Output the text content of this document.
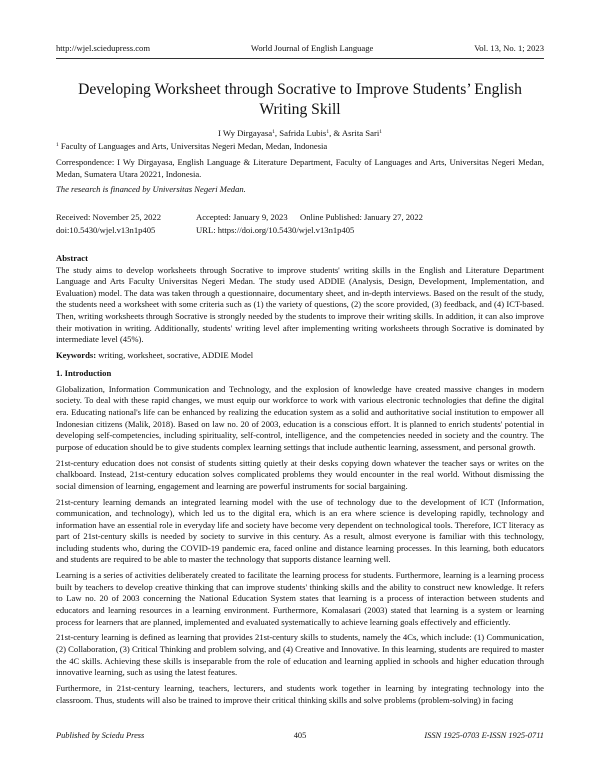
http://wjel.sciedupress.com	World Journal of English Language	Vol. 13, No. 1; 2023
Developing Worksheet through Socrative to Improve Students’ English Writing Skill
I Wy Dirgayasa$^1$, Safrida Lubis$^1$, & Asrita Sari$^1$
$^1$ Faculty of Languages and Arts, Universitas Negeri Medan, Medan, Indonesia
Correspondence: I Wy Dirgayasa, English Language & Literature Department, Faculty of Languages and Arts, Universitas Negeri Medan, Medan, Sumatera Utara 20221, Indonesia.
The research is financed by Universitas Negeri Medan.
Received: November 25, 2022	Accepted: January 9, 2023 Online Published: January 27, 2022
doi:10.5430/wjel.v13n1p405	URL: https://doi.org/10.5430/wjel.v13n1p405
Abstract
The study aims to develop worksheets through Socrative to improve students' writing skills in the English and Literature Department Language and Arts Faculty Universitas Negeri Medan. The study used ADDIE (Analysis, Design, Development, Implementation, and Evaluation) model. The data was taken through a questionnaire, documentary sheet, and in-depth interviews. Based on the result of the study, the students need a worksheet with some criteria such as (1) the variety of questions, (2) the score provided, (3) feedback, and (4) ICT-based. Then, writing worksheets through Socrative is strongly needed by the students to improve their writing skills. In addition, it can also improve their motivation in writing. Additionally, students' writing level after implementing writing worksheets through Socrative is dominated by intermediate level (45%).
Keywords: writing, worksheet, socrative, ADDIE Model
1. Introduction
Globalization, Information Communication and Technology, and the explosion of knowledge have created massive changes in modern society. To deal with these rapid changes, we must equip our workforce to work with various electronic technologies that define the digital era. Educating national's life can be enhanced by realizing the education system as a solid and authoritative social institution to empower all Indonesian citizens (Malik, 2018). Based on law no. 20 of 2003, education is a conscious effort. It is planned to enrich students' potential in developing self-competencies, including spirituality, self-control, intelligence, and the competencies needed in society and the country. The purpose of education should be to give students complex learning settings that include authentic learning, assessment, and personal growth.
21st-century education does not consist of students sitting quietly at their desks copying down whatever the teacher says or writes on the chalkboard. Instead, 21st-century education solves complicated problems they would encounter in the real world. Without dismissing the social dimension of learning, engagement and learning are powerful instruments for social bargaining.
21st-century learning demands an integrated learning model with the use of technology due to the development of ICT (Information, communication, and technology), which led us to the digital era, which is an era where science is developing rapidly, technology and information have an essential role in everyday life and society have become very dependent on technological tools. Therefore, ICT literacy as part of 21st-century skills is needed by society to survive in this century. As a result, almost everyone is familiar with this technology, including students who, during the COVID-19 pandemic era, faced online and distance learning processes. In this learning, both educators and students are required to be able to master the technology that supports distance learning well.
Learning is a series of activities deliberately created to facilitate the learning process for students. Furthermore, learning is a learning process built by teachers to develop creative thinking that can improve students' thinking skills and the ability to construct new knowledge. It refers to Law no. 20 of 2003 concerning the National Education System states that learning is a process of interaction between students and educators and learning resources in a learning environment. Furthermore, Komalasari (2003) stated that learning is a system or learning process for learners that are planned, implemented and evaluated systematically to achieve learning goals effectively and efficiently.
21st-century learning is defined as learning that provides 21st-century skills to students, namely the 4Cs, which include: (1) Communication, (2) Collaboration, (3) Critical Thinking and problem solving, and (4) Creative and Innovative. In this learning, students are required to master the 4C skills. Achieving these skills is inseparable from the role of education and learning applied in schools and higher education through innovative learning, such as using the latest features.
Furthermore, in 21st-century learning, teachers, lecturers, and students work together in learning by integrating technology into the classroom. Thus, students will also be trained to improve their critical thinking skills and solve problems (problem-solving) in facing
Published by Sciedu Press	405	ISSN 1925-0703 E-ISSN 1925-0711
